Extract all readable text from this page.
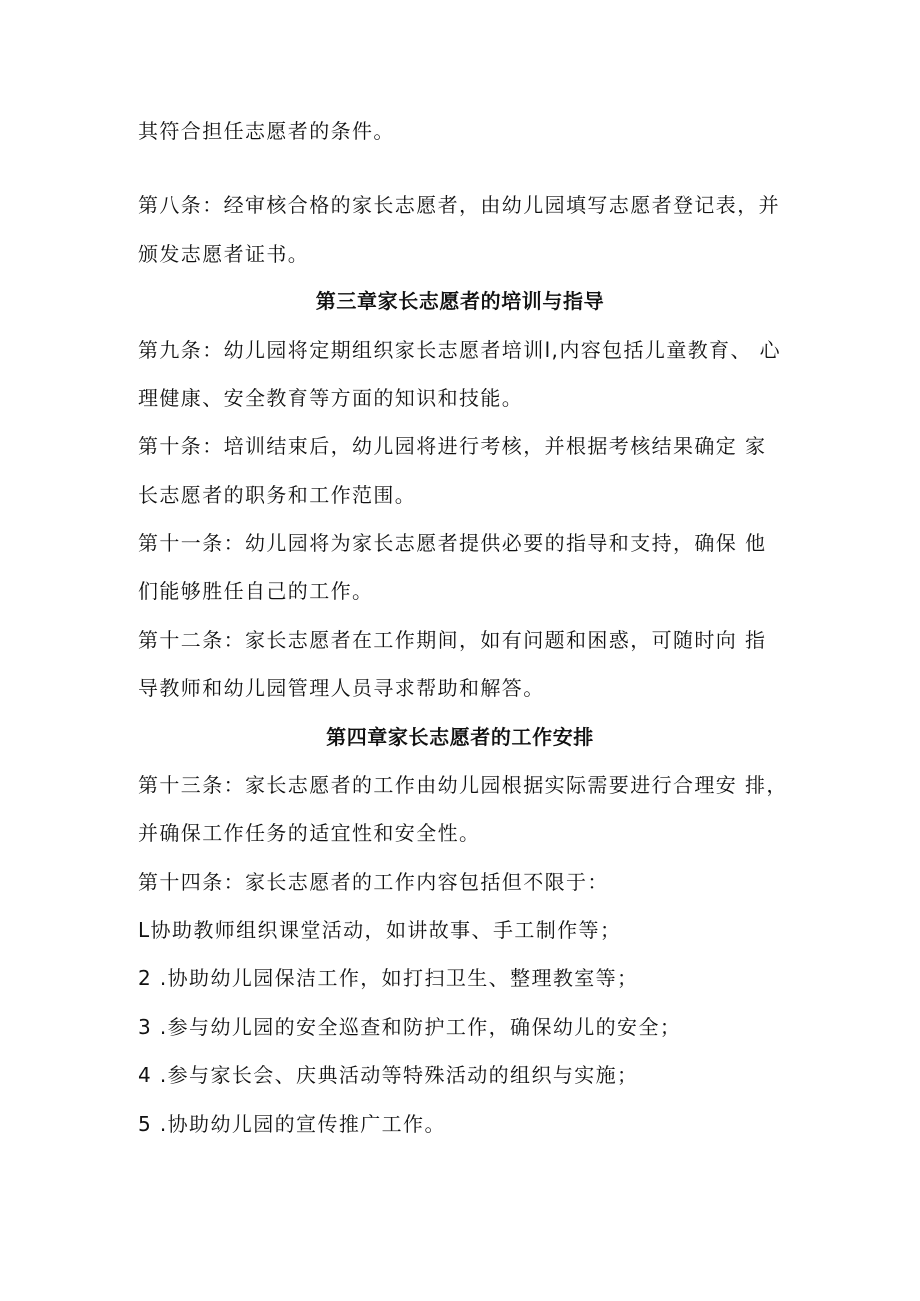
其符合担任志愿者的条件。
第八条：经审核合格的家长志愿者，由幼儿园填写志愿者登记表，并
颁发志愿者证书。
第三章家长志愿者的培训与指导
第九条：幼儿园将定期组织家长志愿者培训l,内容包括儿童教育、 心
理健康、安全教育等方面的知识和技能。
第十条：培训结束后，幼儿园将进行考核，并根据考核结果确定 家
长志愿者的职务和工作范围。
第十一条：幼儿园将为家长志愿者提供必要的指导和支持，确保 他
们能够胜任自己的工作。
第十二条：家长志愿者在工作期间，如有问题和困惑，可随时向 指
导教师和幼儿园管理人员寻求帮助和解答。
第四章家长志愿者的工作安排
第十三条：家长志愿者的工作由幼儿园根据实际需要进行合理安 排，
并确保工作任务的适宜性和安全性。
第十四条：家长志愿者的工作内容包括但不限于：
L协助教师组织课堂活动，如讲故事、手工制作等；
2 .协助幼儿园保洁工作，如打扫卫生、整理教室等；
3 .参与幼儿园的安全巡查和防护工作，确保幼儿的安全；
4 .参与家长会、庆典活动等特殊活动的组织与实施；
5 .协助幼儿园的宣传推广工作。
